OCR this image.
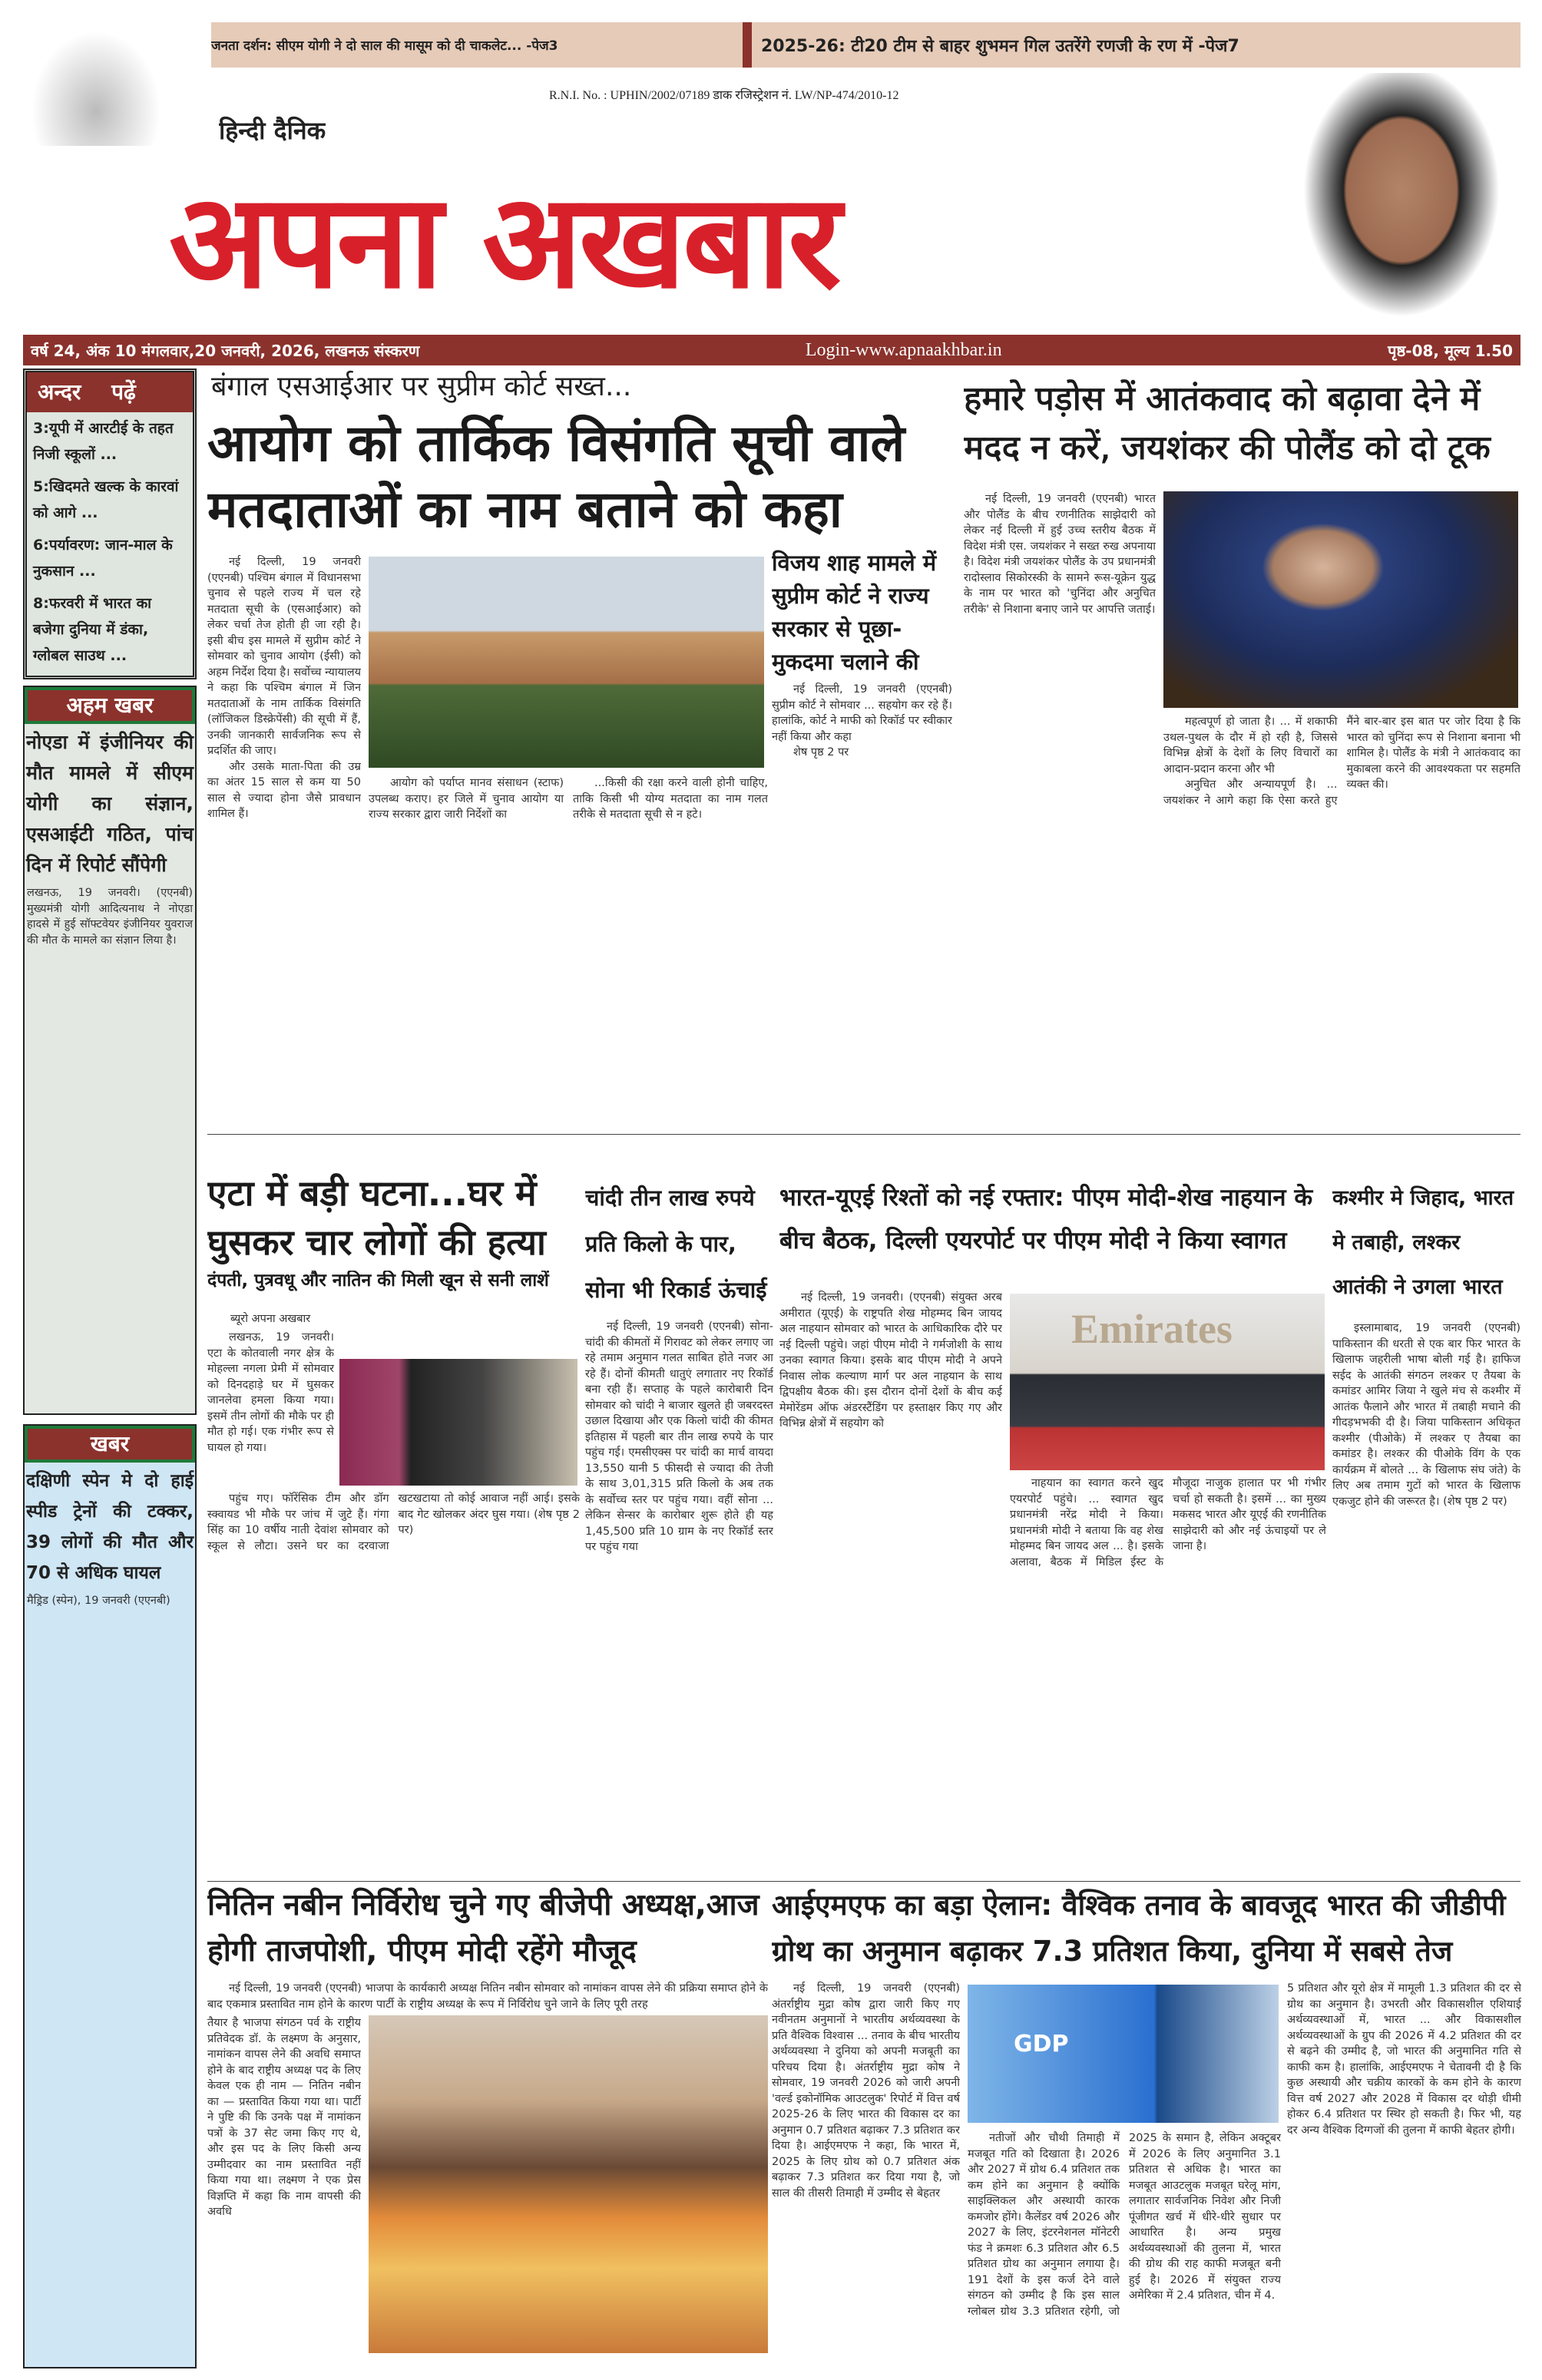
जनता दर्शन: सीएम योगी ने दो साल की मासूम को दी चाकलेट... -पेज3	2025-26: टी20 टीम से बाहर शुभमन गिल उतरेंगे रणजी के रण में -पेज7
R.N.I. No. : UPHIN/2002/07189 डाक रजिस्ट्रेशन नं. LW/NP-474/2010-12
हिन्दी दैनिक
अपना अखबार
वर्ष 24, अंक 10 मंगलवार,20 जनवरी, 2026, लखनऊ संस्करण	Login-www.apnaakhbar.in	पृष्ठ-08, मूल्य 1.50
अन्दर पढ़ें
3:यूपी में आरटीई के तहत निजी स्कूलों ...
5:खिदमते खल्क के कारवां को आगे ...
6:पर्यावरण: जान-माल के नुकसान ...
8:फरवरी में भारत का बजेगा दुनिया में डंका, ग्लोबल साउथ ...
अहम खबर
नोएडा में इंजीनियर की मौत मामले में सीएम योगी का संज्ञान, एसआईटी गठित, पांच दिन में रिपोर्ट सौंपेगी
लखनऊ, 19 जनवरी। (एएनबी) मुख्यमंत्री योगी आदित्यनाथ ने नोएडा हादसे में हुई सॉफ्टवेयर इंजीनियर युवराज की मौत के मामले का संज्ञान लिया है।
खबर
दक्षिणी स्पेन मे दो हाई स्पीड ट्रेनों की टक्कर, 39 लोगों की मौत और 70 से अधिक घायल
मैड्रिड (स्पेन), 19 जनवरी (एएनबी)
बंगाल एसआईआर पर सुप्रीम कोर्ट सख्त...
आयोग को तार्किक विसंगति सूची वाले मतदाताओं का नाम बताने को कहा

नई दिल्ली, 19 जनवरी (एएनबी) पश्चिम बंगाल में विधानसभा चुनाव से पहले राज्य में चल रहे मतदाता सूची के (एसआईआर) को लेकर चर्चा तेज होती ही जा रही है। इसी बीच इस मामले में सुप्रीम कोर्ट ने सोमवार को चुनाव आयोग (ईसी) को अहम निर्देश दिया है। सर्वोच्च न्यायालय ने कहा कि पश्चिम बंगाल में जिन मतदाताओं के नाम तार्किक विसंगति (लॉजिकल डिस्क्रेपेंसी) की सूची में हैं, उनकी जानकारी सार्वजनिक रूप से प्रदर्शित की जाए।

और उसके माता-पिता की उम्र का अंतर 15 साल से कम या 50 साल से ज्यादा होना जैसे प्रावधान शामिल हैं।

आयोग को पर्याप्त मानव संसाधन (स्टाफ) उपलब्ध कराए। हर जिले में चुनाव आयोग या राज्य सरकार द्वारा जारी निर्देशों का

...किसी की रक्षा करने वाली होनी चाहिए, ताकि किसी भी योग्य मतदाता का नाम गलत तरीके से मतदाता सूची से न हटे।

विजय शाह मामले में सुप्रीम कोर्ट ने राज्य सरकार से पूछा- मुकदमा चलाने की

नई दिल्ली, 19 जनवरी (एएनबी) सुप्रीम कोर्ट ने सोमवार ... सहयोग कर रहे हैं। हालांकि, कोर्ट ने माफी को रिकॉर्ड पर स्वीकार नहीं किया और कहा

शेष पृष्ठ 2 पर

हमारे पड़ोस में आतंकवाद को बढ़ावा देने में मदद न करें, जयशंकर की पोलैंड को दो टूक

नई दिल्ली, 19 जनवरी (एएनबी) भारत और पोलैंड के बीच रणनीतिक साझेदारी को लेकर नई दिल्ली में हुई उच्च स्तरीय बैठक में विदेश मंत्री एस. जयशंकर ने सख्त रुख अपनाया है। विदेश मंत्री जयशंकर पोलैंड के उप प्रधानमंत्री रादोस्लाव सिकोरस्की के सामने रूस-यूक्रेन युद्ध के नाम पर भारत को 'चुनिंदा और अनुचित तरीके' से निशाना बनाए जाने पर आपत्ति जताई।

महत्वपूर्ण हो जाता है। ... में शकाफी उथल-पुथल के दौर में हो रही है, जिससे विभिन्न क्षेत्रों के देशों के लिए विचारों का आदान-प्रदान करना और भी

अनुचित और अन्यायपूर्ण है। ... जयशंकर ने आगे कहा कि ऐसा करते हुए मैंने बार-बार इस बात पर जोर दिया है कि भारत को चुनिंदा रूप से निशाना बनाना भी शामिल है। पोलैंड के मंत्री ने आतंकवाद का मुकाबला करने की आवश्यकता पर सहमति व्यक्त की।

एटा में बड़ी घटना...घर में घुसकर चार लोगों की हत्या
दंपती, पुत्रवधू और नातिन की मिली खून से सनी लाशें
ब्यूरो अपना अखबार

लखनऊ, 19 जनवरी। एटा के कोतवाली नगर क्षेत्र के मोहल्ला नगला प्रेमी में सोमवार को दिनदहाड़े घर में घुसकर जानलेवा हमला किया गया। इसमें तीन लोगों की मौके पर ही मौत हो गई। एक गंभीर रूप से घायल हो गया।

पहुंच गए। फॉरेंसिक टीम और डॉग स्क्वायड भी मौके पर जांच में जुटे हैं। गंगा सिंह का 10 वर्षीय नाती देवांश सोमवार को स्कूल से लौटा। उसने घर का दरवाजा खटखटाया तो कोई आवाज नहीं आई। इसके बाद गेट खोलकर अंदर घुस गया। (शेष पृष्ठ 2 पर)

चांदी तीन लाख रुपये प्रति किलो के पार, सोना भी रिकार्ड ऊंचाई

नई दिल्ली, 19 जनवरी (एएनबी) सोना-चांदी की कीमतों में गिरावट को लेकर लगाए जा रहे तमाम अनुमान गलत साबित होते नजर आ रहे हैं। दोनों कीमती धातुएं लगातार नए रिकॉर्ड बना रही हैं। सप्ताह के पहले कारोबारी दिन सोमवार को चांदी ने बाजार खुलते ही जबरदस्त उछाल दिखाया और एक किलो चांदी की कीमत इतिहास में पहली बार तीन लाख रुपये के पार पहुंच गई। एमसीएक्स पर चांदी का मार्च वायदा 13,550 यानी 5 फीसदी से ज्यादा की तेजी के साथ 3,01,315 प्रति किलो के अब तक के सर्वोच्च स्तर पर पहुंच गया। वहीं सोना ... लेकिन सेन्सर के कारोबार शुरू होते ही यह 1,45,500 प्रति 10 ग्राम के नए रिकॉर्ड स्तर पर पहुंच गया

भारत-यूएई रिश्तों को नई रफ्तार: पीएम मोदी-शेख नाहयान के बीच बैठक, दिल्ली एयरपोर्ट पर पीएम मोदी ने किया स्वागत

नई दिल्ली, 19 जनवरी। (एएनबी) संयुक्त अरब अमीरात (यूएई) के राष्ट्रपति शेख मोहम्मद बिन जायद अल नाहयान सोमवार को भारत के आधिकारिक दौरे पर नई दिल्ली पहुंचे। जहां पीएम मोदी ने गर्मजोशी के साथ उनका स्वागत किया। इसके बाद पीएम मोदी ने अपने निवास लोक कल्याण मार्ग पर अल नाहयान के साथ द्विपक्षीय बैठक की। इस दौरान दोनों देशों के बीच कई मेमोरेंडम ऑफ अंडरस्टैंडिंग पर हस्ताक्षर किए गए और विभिन्न क्षेत्रों में सहयोग को

Emirates

नाहयान का स्वागत करने खुद एयरपोर्ट पहुंचे। ... स्वागत खुद प्रधानमंत्री नरेंद्र मोदी ने किया। प्रधानमंत्री मोदी ने बताया कि वह शेख मोहम्मद बिन जायद अल ... है। इसके अलावा, बैठक में मिडिल ईस्ट के मौजूदा नाजुक हालात पर भी गंभीर चर्चा हो सकती है। इसमें ... का मुख्य मकसद भारत और यूएई की रणनीतिक साझेदारी को और नई ऊंचाइयों पर ले जाना है।

कश्मीर मे जिहाद, भारत मे तबाही, लश्कर आतंकी ने उगला भारत

इस्लामाबाद, 19 जनवरी (एएनबी) पाकिस्तान की धरती से एक बार फिर भारत के खिलाफ जहरीली भाषा बोली गई है। हाफिज सईद के आतंकी संगठन लश्कर ए तैयबा के कमांडर आमिर जिया ने खुले मंच से कश्मीर में आतंक फैलाने और भारत में तबाही मचाने की गीदड़भभकी दी है। जिया पाकिस्तान अधिकृत कश्मीर (पीओके) में लश्कर ए तैयबा का कमांडर है। लश्कर की पीओके विंग के एक कार्यक्रम में बोलते ... के खिलाफ संघ जंते) के लिए अब तमाम गुटों को भारत के खिलाफ एकजुट होने की जरूरत है। (शेष पृष्ठ 2 पर)

नितिन नबीन निर्विरोध चुने गए बीजेपी अध्यक्ष,आज होगी ताजपोशी, पीएम मोदी रहेंगे मौजूद

नई दिल्ली, 19 जनवरी (एएनबी) भाजपा के कार्यकारी अध्यक्ष नितिन नबीन सोमवार को नामांकन वापस लेने की प्रक्रिया समाप्त होने के बाद एकमात्र प्रस्तावित नाम होने के कारण पार्टी के राष्ट्रीय अध्यक्ष के रूप में निर्विरोध चुने जाने के लिए पूरी तरह

तैयार है भाजपा संगठन पर्व के राष्ट्रीय प्रतिवेदक डॉ. के लक्ष्मण के अनुसार, नामांकन वापस लेने की अवधि समाप्त होने के बाद राष्ट्रीय अध्यक्ष पद के लिए केवल एक ही नाम — नितिन नबीन का — प्रस्तावित किया गया था। पार्टी ने पुष्टि की कि उनके पक्ष में नामांकन पत्रों के 37 सेट जमा किए गए थे, और इस पद के लिए किसी अन्य उम्मीदवार का नाम प्रस्तावित नहीं किया गया था। लक्ष्मण ने एक प्रेस विज्ञप्ति में कहा कि नाम वापसी की अवधि

आईएमएफ का बड़ा ऐलान: वैश्विक तनाव के बावजूद भारत की जीडीपी ग्रोथ का अनुमान बढ़ाकर 7.3 प्रतिशत किया, दुनिया में सबसे तेज

नई दिल्ली, 19 जनवरी (एएनबी) अंतर्राष्ट्रीय मुद्रा कोष द्वारा जारी किए गए नवीनतम अनुमानों ने भारतीय अर्थव्यवस्था के प्रति वैश्विक विश्वास ... तनाव के बीच भारतीय अर्थव्यवस्था ने दुनिया को अपनी मजबूती का परिचय दिया है। अंतर्राष्ट्रीय मुद्रा कोष ने सोमवार, 19 जनवरी 2026 को जारी अपनी 'वर्ल्ड इकोनॉमिक आउटलुक' रिपोर्ट में वित्त वर्ष 2025-26 के लिए भारत की विकास दर का अनुमान 0.7 प्रतिशत बढ़ाकर 7.3 प्रतिशत कर दिया है। आईएमएफ ने कहा, कि भारत में, 2025 के लिए ग्रोथ को 0.7 प्रतिशत अंक बढ़ाकर 7.3 प्रतिशत कर दिया गया है, जो साल की तीसरी तिमाही में उम्मीद से बेहतर

GDP

नतीजों और चौथी तिमाही में मजबूत गति को दिखाता है। 2026 और 2027 में ग्रोथ 6.4 प्रतिशत तक कम होने का अनुमान है क्योंकि साइक्लिकल और अस्थायी कारक कमजोर होंगे। कैलेंडर वर्ष 2026 और 2027 के लिए, इंटरनेशनल मॉनेटरी फंड ने क्रमशः 6.3 प्रतिशत और 6.5 प्रतिशत ग्रोथ का अनुमान लगाया है। 191 देशों के इस कर्ज देने वाले संगठन को उम्मीद है कि इस साल ग्लोबल ग्रोथ 3.3 प्रतिशत रहेगी, जो 2025 के समान है, लेकिन अक्टूबर में 2026 के लिए अनुमानित 3.1 प्रतिशत से अधिक है। भारत का मजबूत आउटलुक मजबूत घरेलू मांग, लगातार सार्वजनिक निवेश और निजी पूंजीगत खर्च में धीरे-धीरे सुधार पर आधारित है। अन्य प्रमुख अर्थव्यवस्थाओं की तुलना में, भारत की ग्रोथ की राह काफी मजबूत बनी हुई है। 2026 में संयुक्त राज्य अमेरिका में 2.4 प्रतिशत, चीन में 4.

5 प्रतिशत और यूरो क्षेत्र में मामूली 1.3 प्रतिशत की दर से ग्रोथ का अनुमान है। उभरती और विकासशील एशियाई अर्थव्यवस्थाओं में, भारत ... और विकासशील अर्थव्यवस्थाओं के ग्रुप की 2026 में 4.2 प्रतिशत की दर से बढ़ने की उम्मीद है, जो भारत की अनुमानित गति से काफी कम है। हालांकि, आईएमएफ ने चेतावनी दी है कि कुछ अस्थायी और चक्रीय कारकों के कम होने के कारण वित्त वर्ष 2027 और 2028 में विकास दर थोड़ी धीमी होकर 6.4 प्रतिशत पर स्थिर हो सकती है। फिर भी, यह दर अन्य वैश्विक दिग्गजों की तुलना में काफी बेहतर होगी।
